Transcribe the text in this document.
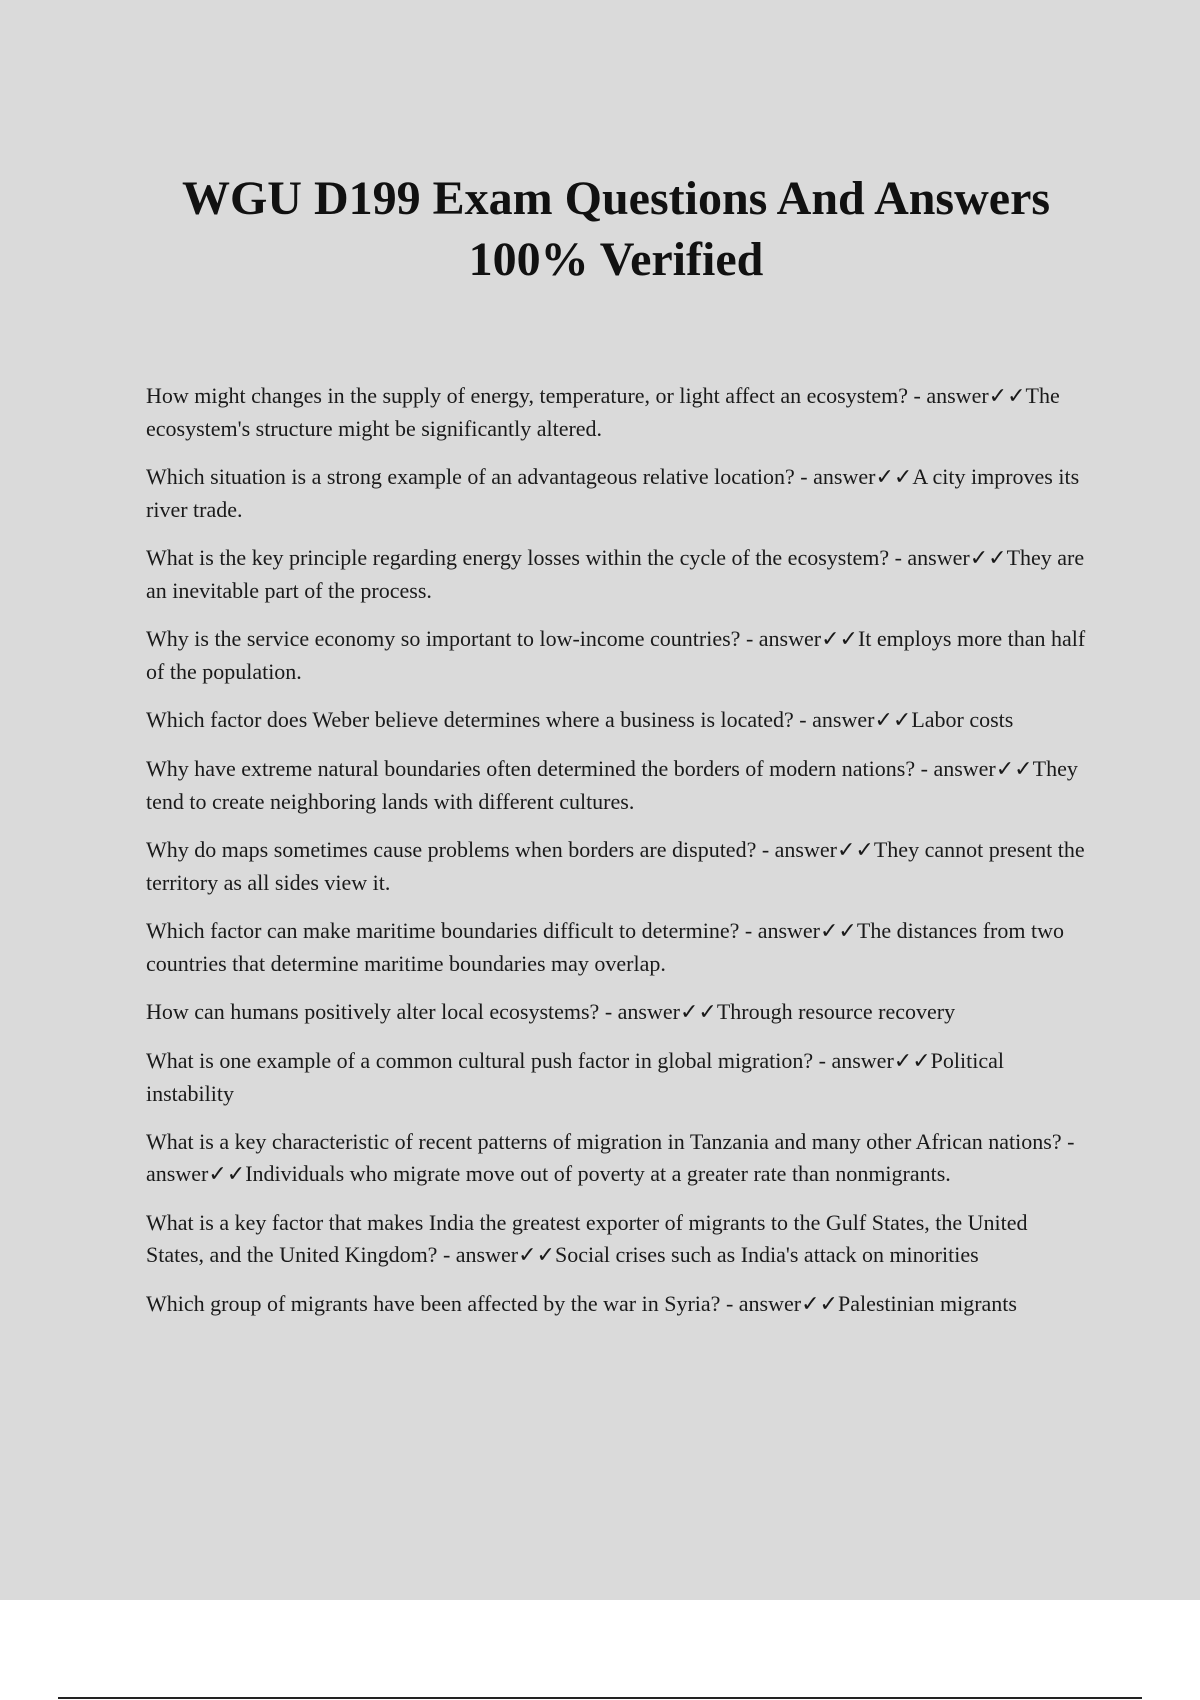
WGU D199 Exam Questions And Answers 100% Verified
How might changes in the supply of energy, temperature, or light affect an ecosystem? - answer✓✓The ecosystem's structure might be significantly altered.
Which situation is a strong example of an advantageous relative location? - answer✓✓A city improves its river trade.
What is the key principle regarding energy losses within the cycle of the ecosystem? - answer✓✓They are an inevitable part of the process.
Why is the service economy so important to low-income countries? - answer✓✓It employs more than half of the population.
Which factor does Weber believe determines where a business is located? - answer✓✓Labor costs
Why have extreme natural boundaries often determined the borders of modern nations? - answer✓✓They tend to create neighboring lands with different cultures.
Why do maps sometimes cause problems when borders are disputed? - answer✓✓They cannot present the territory as all sides view it.
Which factor can make maritime boundaries difficult to determine? - answer✓✓The distances from two countries that determine maritime boundaries may overlap.
How can humans positively alter local ecosystems? - answer✓✓Through resource recovery
What is one example of a common cultural push factor in global migration? - answer✓✓Political instability
What is a key characteristic of recent patterns of migration in Tanzania and many other African nations? - answer✓✓Individuals who migrate move out of poverty at a greater rate than nonmigrants.
What is a key factor that makes India the greatest exporter of migrants to the Gulf States, the United States, and the United Kingdom? - answer✓✓Social crises such as India's attack on minorities
Which group of migrants have been affected by the war in Syria? - answer✓✓Palestinian migrants
